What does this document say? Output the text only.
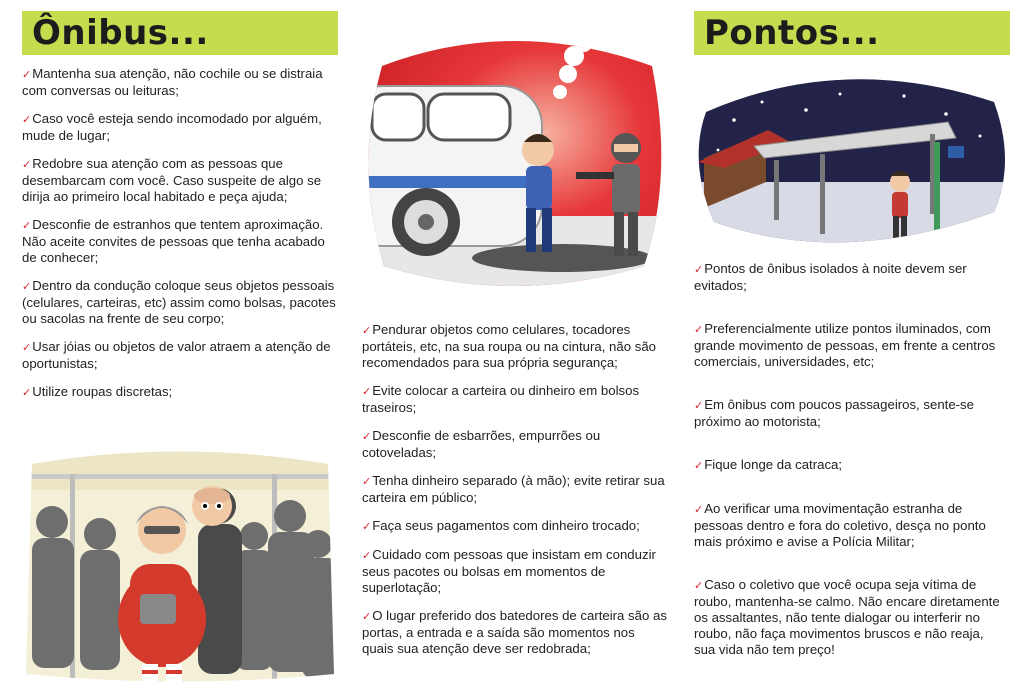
Ônibus...
✓Mantenha sua atenção, não cochile ou se distraia com conversas ou leituras;
✓Caso você esteja sendo incomodado por alguém, mude de lugar;
✓Redobre sua atenção com as pessoas que desembarcam com você. Caso suspeite de algo se dirija ao primeiro local habitado e peça ajuda;
✓Desconfie de estranhos que tentem aproximação. Não aceite convites de pessoas que tenha acabado de conhecer;
✓Dentro da condução coloque seus objetos pessoais (celulares, carteiras, etc) assim como bolsas, pacotes ou sacolas na frente de seu corpo;
✓Usar jóias ou objetos de valor atraem a atenção de oportunistas;
✓Utilize roupas discretas;
✓Pendurar objetos como celulares, tocadores portáteis, etc, na sua roupa ou na cintura, não são recomendados para sua própria segurança;
✓Evite colocar a carteira ou dinheiro em bolsos traseiros;
✓Desconfie de esbarrões, empurrões ou cotoveladas;
✓Tenha dinheiro separado (à mão); evite retirar sua carteira em público;
✓Faça seus pagamentos com dinheiro trocado;
✓Cuidado com pessoas que insistam em conduzir seus pacotes ou bolsas em momentos de superlotação;
✓O lugar preferido dos batedores de carteira são as portas, a entrada e a saída são momentos nos quais sua atenção deve ser redobrada;
Pontos...
✓Pontos de ônibus isolados à noite devem ser evitados;
✓Preferencialmente utilize pontos iluminados, com grande movimento de pessoas, em frente a centros comerciais, universidades, etc;
✓Em ônibus com poucos passageiros, sente-se próximo ao motorista;
✓Fique longe da catraca;
✓Ao verificar uma movimentação estranha de pessoas dentro e fora do coletivo, desça no ponto mais próximo e avise a Polícia Militar;
✓Caso o coletivo que você ocupa seja vítima de roubo, mantenha-se calmo. Não encare diretamente os assaltantes, não tente dialogar ou interferir no roubo, não faça movimentos bruscos e não reaja, sua vida não tem preço!
